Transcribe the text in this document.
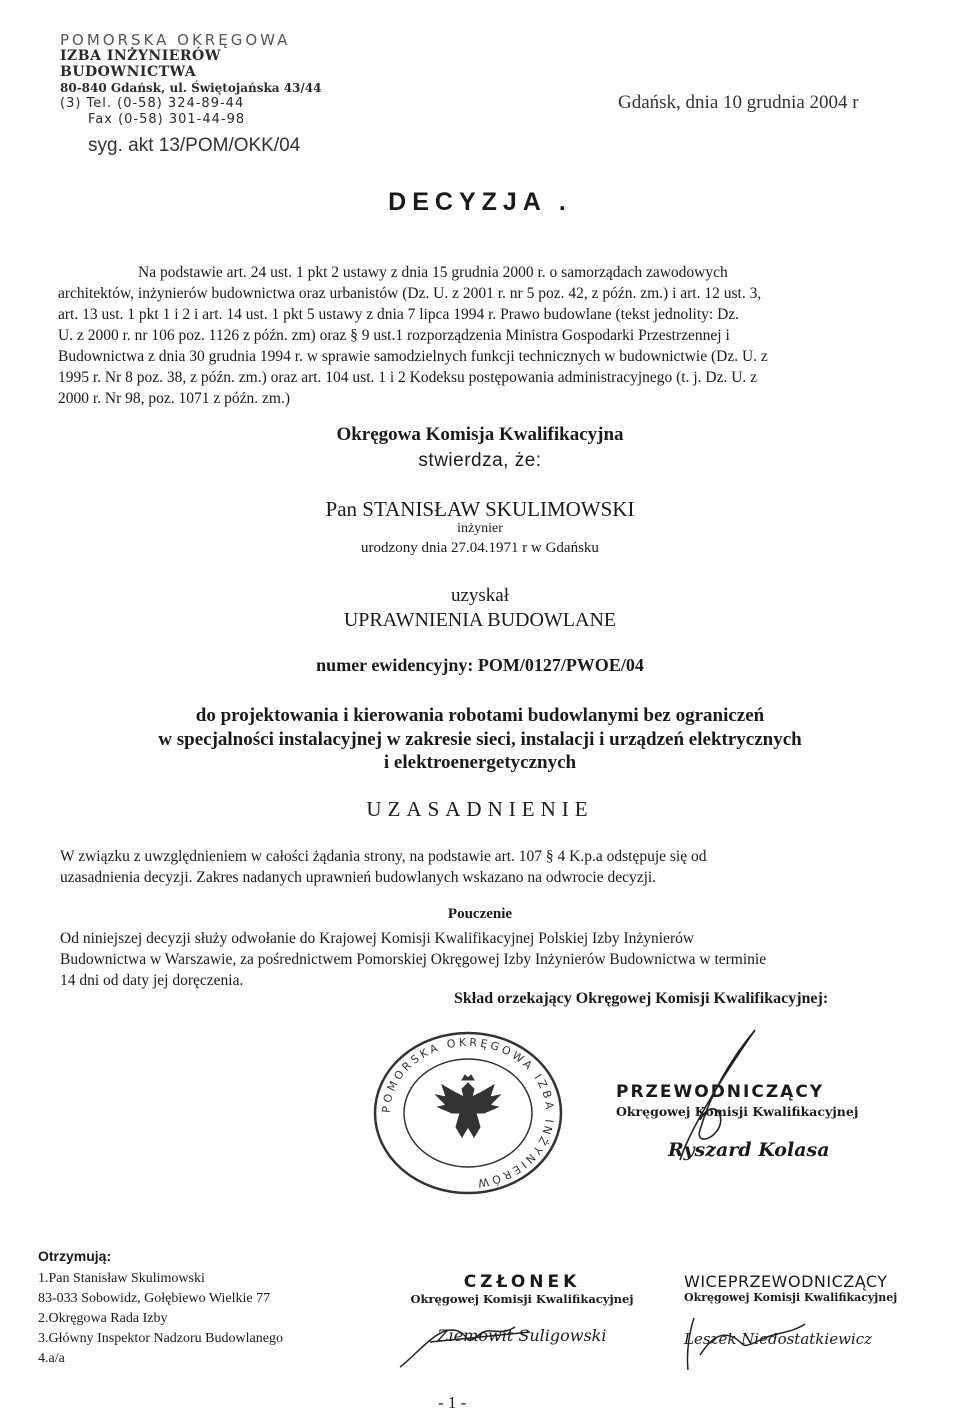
POMORSKA OKRĘGOWA
IZBA INŻYNIERÓW BUDOWNICTWA
80-840 Gdańsk, ul. Świętojańska 43/44
(3) Tel. (0-58) 324-89-44
Fax (0-58) 301-44-98
Gdańsk, dnia 10 grudnia 2004 r
syg. akt 13/POM/OKK/04
DECYZJA .
Na podstawie art. 24 ust. 1 pkt 2 ustawy z dnia 15 grudnia 2000 r. o samorządach zawodowych
architektów, inżynierów budownictwa oraz urbanistów (Dz. U. z 2001 r. nr 5 poz. 42, z późn. zm.) i art. 12 ust. 3,
art. 13 ust. 1 pkt 1 i 2 i art. 14 ust. 1 pkt 5 ustawy z dnia 7 lipca 1994 r. Prawo budowlane (tekst jednolity: Dz.
U. z 2000 r. nr 106 poz. 1126 z późn. zm) oraz § 9 ust.1 rozporządzenia Ministra Gospodarki Przestrzennej i
Budownictwa z dnia 30 grudnia 1994 r. w sprawie samodzielnych funkcji technicznych w budownictwie (Dz. U. z
1995 r. Nr 8 poz. 38, z późn. zm.) oraz art. 104 ust. 1 i 2 Kodeksu postępowania administracyjnego (t. j. Dz. U. z
2000 r. Nr 98, poz. 1071 z późn. zm.)
Okręgowa Komisja Kwalifikacyjna
stwierdza, że:
Pan STANISŁAW SKULIMOWSKI
inżynier
urodzony dnia 27.04.1971 r w Gdańsku
uzyskał
UPRAWNIENIA BUDOWLANE
numer ewidencyjny: POM/0127/PWOE/04
do projektowania i kierowania robotami budowlanymi bez ograniczeń
w specjalności instalacyjnej w zakresie sieci, instalacji i urządzeń elektrycznych
i elektroenergetycznych
UZASADNIENIE
W związku z uwzględnieniem w całości żądania strony, na podstawie art. 107 § 4 K.p.a odstępuje się od
uzasadnienia decyzji. Zakres nadanych uprawnień budowlanych wskazano na odwrocie decyzji.
Pouczenie
Od niniejszej decyzji służy odwołanie do Krajowej Komisji Kwalifikacyjnej Polskiej Izby Inżynierów
Budownictwa w Warszawie, za pośrednictwem Pomorskiej Okręgowej Izby Inżynierów Budownictwa w terminie
14 dni od daty jej doręczenia.
Skład orzekający Okręgowej Komisji Kwalifikacyjnej:
POMORSKA OKRĘGOWA IZBA INŻYNIERÓW
PRZEWODNICZĄCY
Okręgowej Komisji Kwalifikacyjnej
Ryszard Kolasa
Otrzymują:
1.Pan Stanisław Skulimowski
83-033 Sobowidz, Gołębiewo Wielkie 77
2.Okręgowa Rada Izby
3.Główny Inspektor Nadzoru Budowlanego
4.a/a
CZŁONEK
Okręgowej Komisji Kwalifikacyjnej
Ziemowit Suligowski
WICEPRZEWODNICZĄCY
Okręgowej Komisji Kwalifikacyjnej
Leszek Niedostatkiewicz
- 1 -
